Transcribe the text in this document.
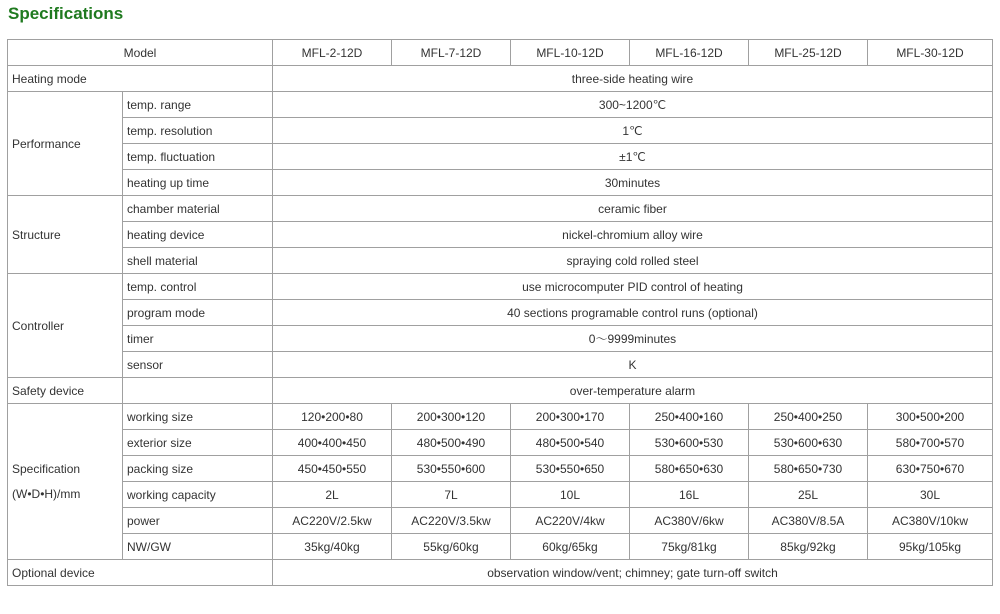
Specifications
Model		MFL-2-12D	MFL-7-12D	MFL-10-12D	MFL-16-12D	MFL-25-12D	MFL-30-12D
Heating mode		three-side heating wire					
Performance	temp. range	300~1200℃					
	temp. resolution	1℃					
	temp. fluctuation	±1℃					
	heating up time	30minutes					
Structure	chamber material	ceramic fiber					
	heating device	nickel-chromium alloy wire					
	shell material	spraying cold rolled steel					
Controller	temp. control	use microcomputer PID control of heating					
	program mode	40 sections programable control runs (optional)					
	timer	0～9999minutes					
	sensor	K					
Safety device		over-temperature alarm					

Specification
(W•D•H)/mm	working size	120•200•80	200•300•120	200•300•170	250•400•160	250•400•250	300•500•200
	exterior size	400•400•450	480•500•490	480•500•540	530•600•530	530•600•630	580•700•570
	packing size	450•450•550	530•550•600	530•550•650	580•650•630	580•650•730	630•750•670
	working capacity	2L	7L	10L	16L	25L	30L
	power	AC220V/2.5kw	AC220V/3.5kw	AC220V/4kw	AC380V/6kw	AC380V/8.5A	AC380V/10kw
	NW/GW	35kg/40kg	55kg/60kg	60kg/65kg	75kg/81kg	85kg/92kg	95kg/105kg
Optional device		observation window/vent; chimney; gate turn-off switch					
